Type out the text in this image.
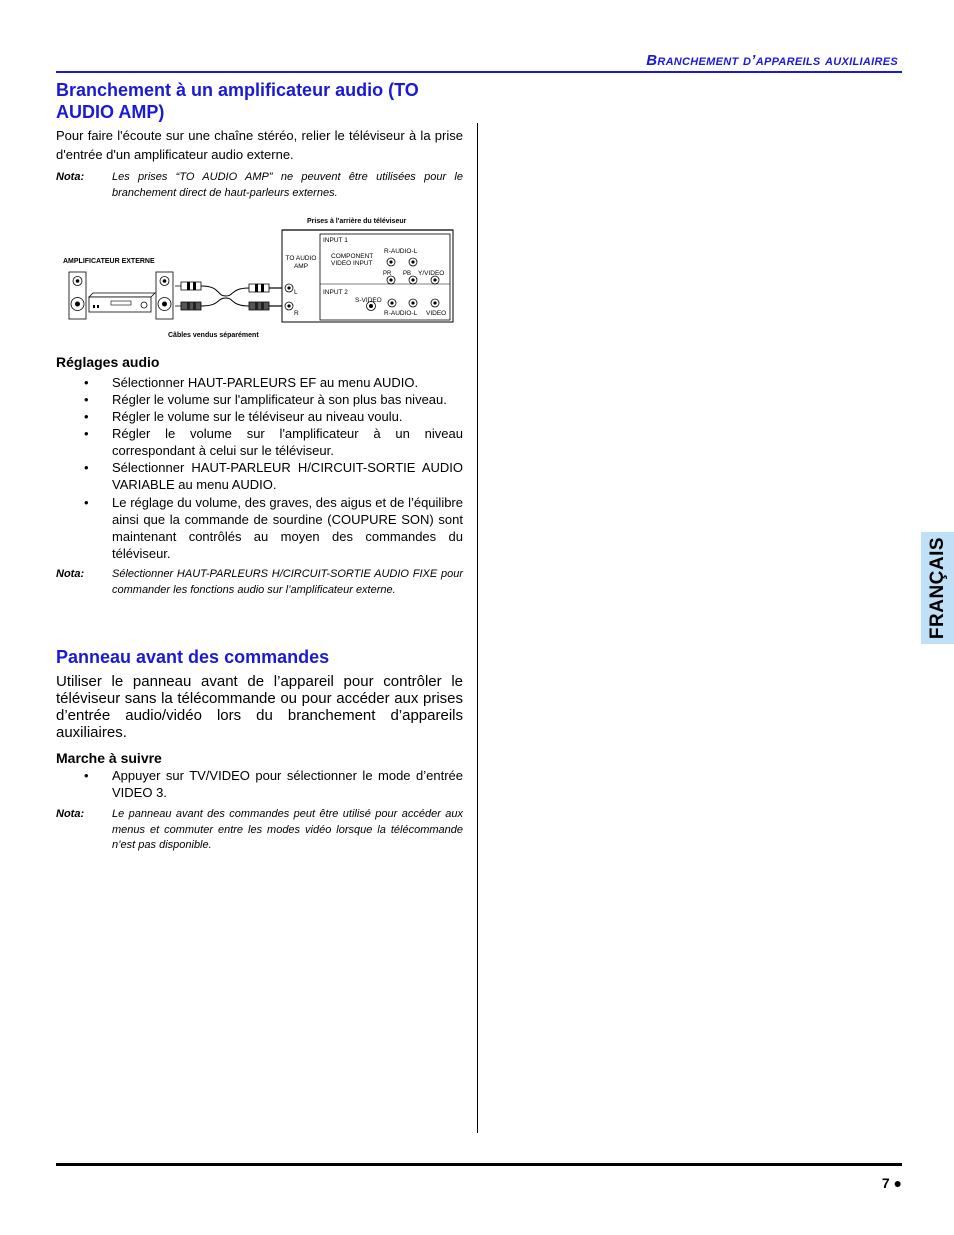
Branchement d’appareils auxiliaires
FRANÇAIS
Branchement à un amplificateur audio (TO
AUDIO AMP)

Pour faire l'écoute sur une chaîne stéréo, relier le téléviseur à la prise d'entrée d'un amplificateur audio externe.

Nota:	Les prises “TO AUDIO AMP” ne peuvent être utilisées pour le branchement direct de haut-parleurs externes.
Prises à l'arrière du téléviseur
AMPLIFICATEUR EXTERNE
Câbles vendus séparément
TO AUDIO AMP
L
R
INPUT 1
COMPONENT
VIDEO INPUT
R-AUDIO-L
PR PB Y/VIDEO
INPUT 2
S-VIDEO
R-AUDIO-L VIDEO
Réglages audio
• Sélectionner HAUT-PARLEURS EF au menu AUDIO.
• Régler le volume sur l'amplificateur à son plus bas niveau.
• Régler le volume sur le téléviseur au niveau voulu.
• Régler le volume sur l'amplificateur à un niveau correspondant à celui sur le téléviseur.
• Sélectionner HAUT-PARLEUR H/CIRCUIT-SORTIE AUDIO VARIABLE au menu AUDIO.
• Le réglage du volume, des graves, des aigus et de l’équilibre ainsi que la commande de sourdine (COUPURE SON) sont maintenant contrôlés au moyen des commandes du téléviseur.
Nota:	Sélectionner HAUT-PARLEURS H/CIRCUIT-SORTIE AUDIO FIXE pour commander les fonctions audio sur l’amplificateur externe.
Panneau avant des commandes

Utiliser le panneau avant de l’appareil pour contrôler le téléviseur sans la télécommande ou pour accéder aux prises d’entrée audio/vidéo lors du branchement d’appareils auxiliaires.

Marche à suivre
• Appuyer sur TV/VIDEO pour sélectionner le mode d’entrée VIDEO 3.
Nota:	Le panneau avant des commandes peut être utilisé pour accéder aux menus et commuter entre les modes vidéo lorsque la télécommande n’est pas disponible.
7 ●
